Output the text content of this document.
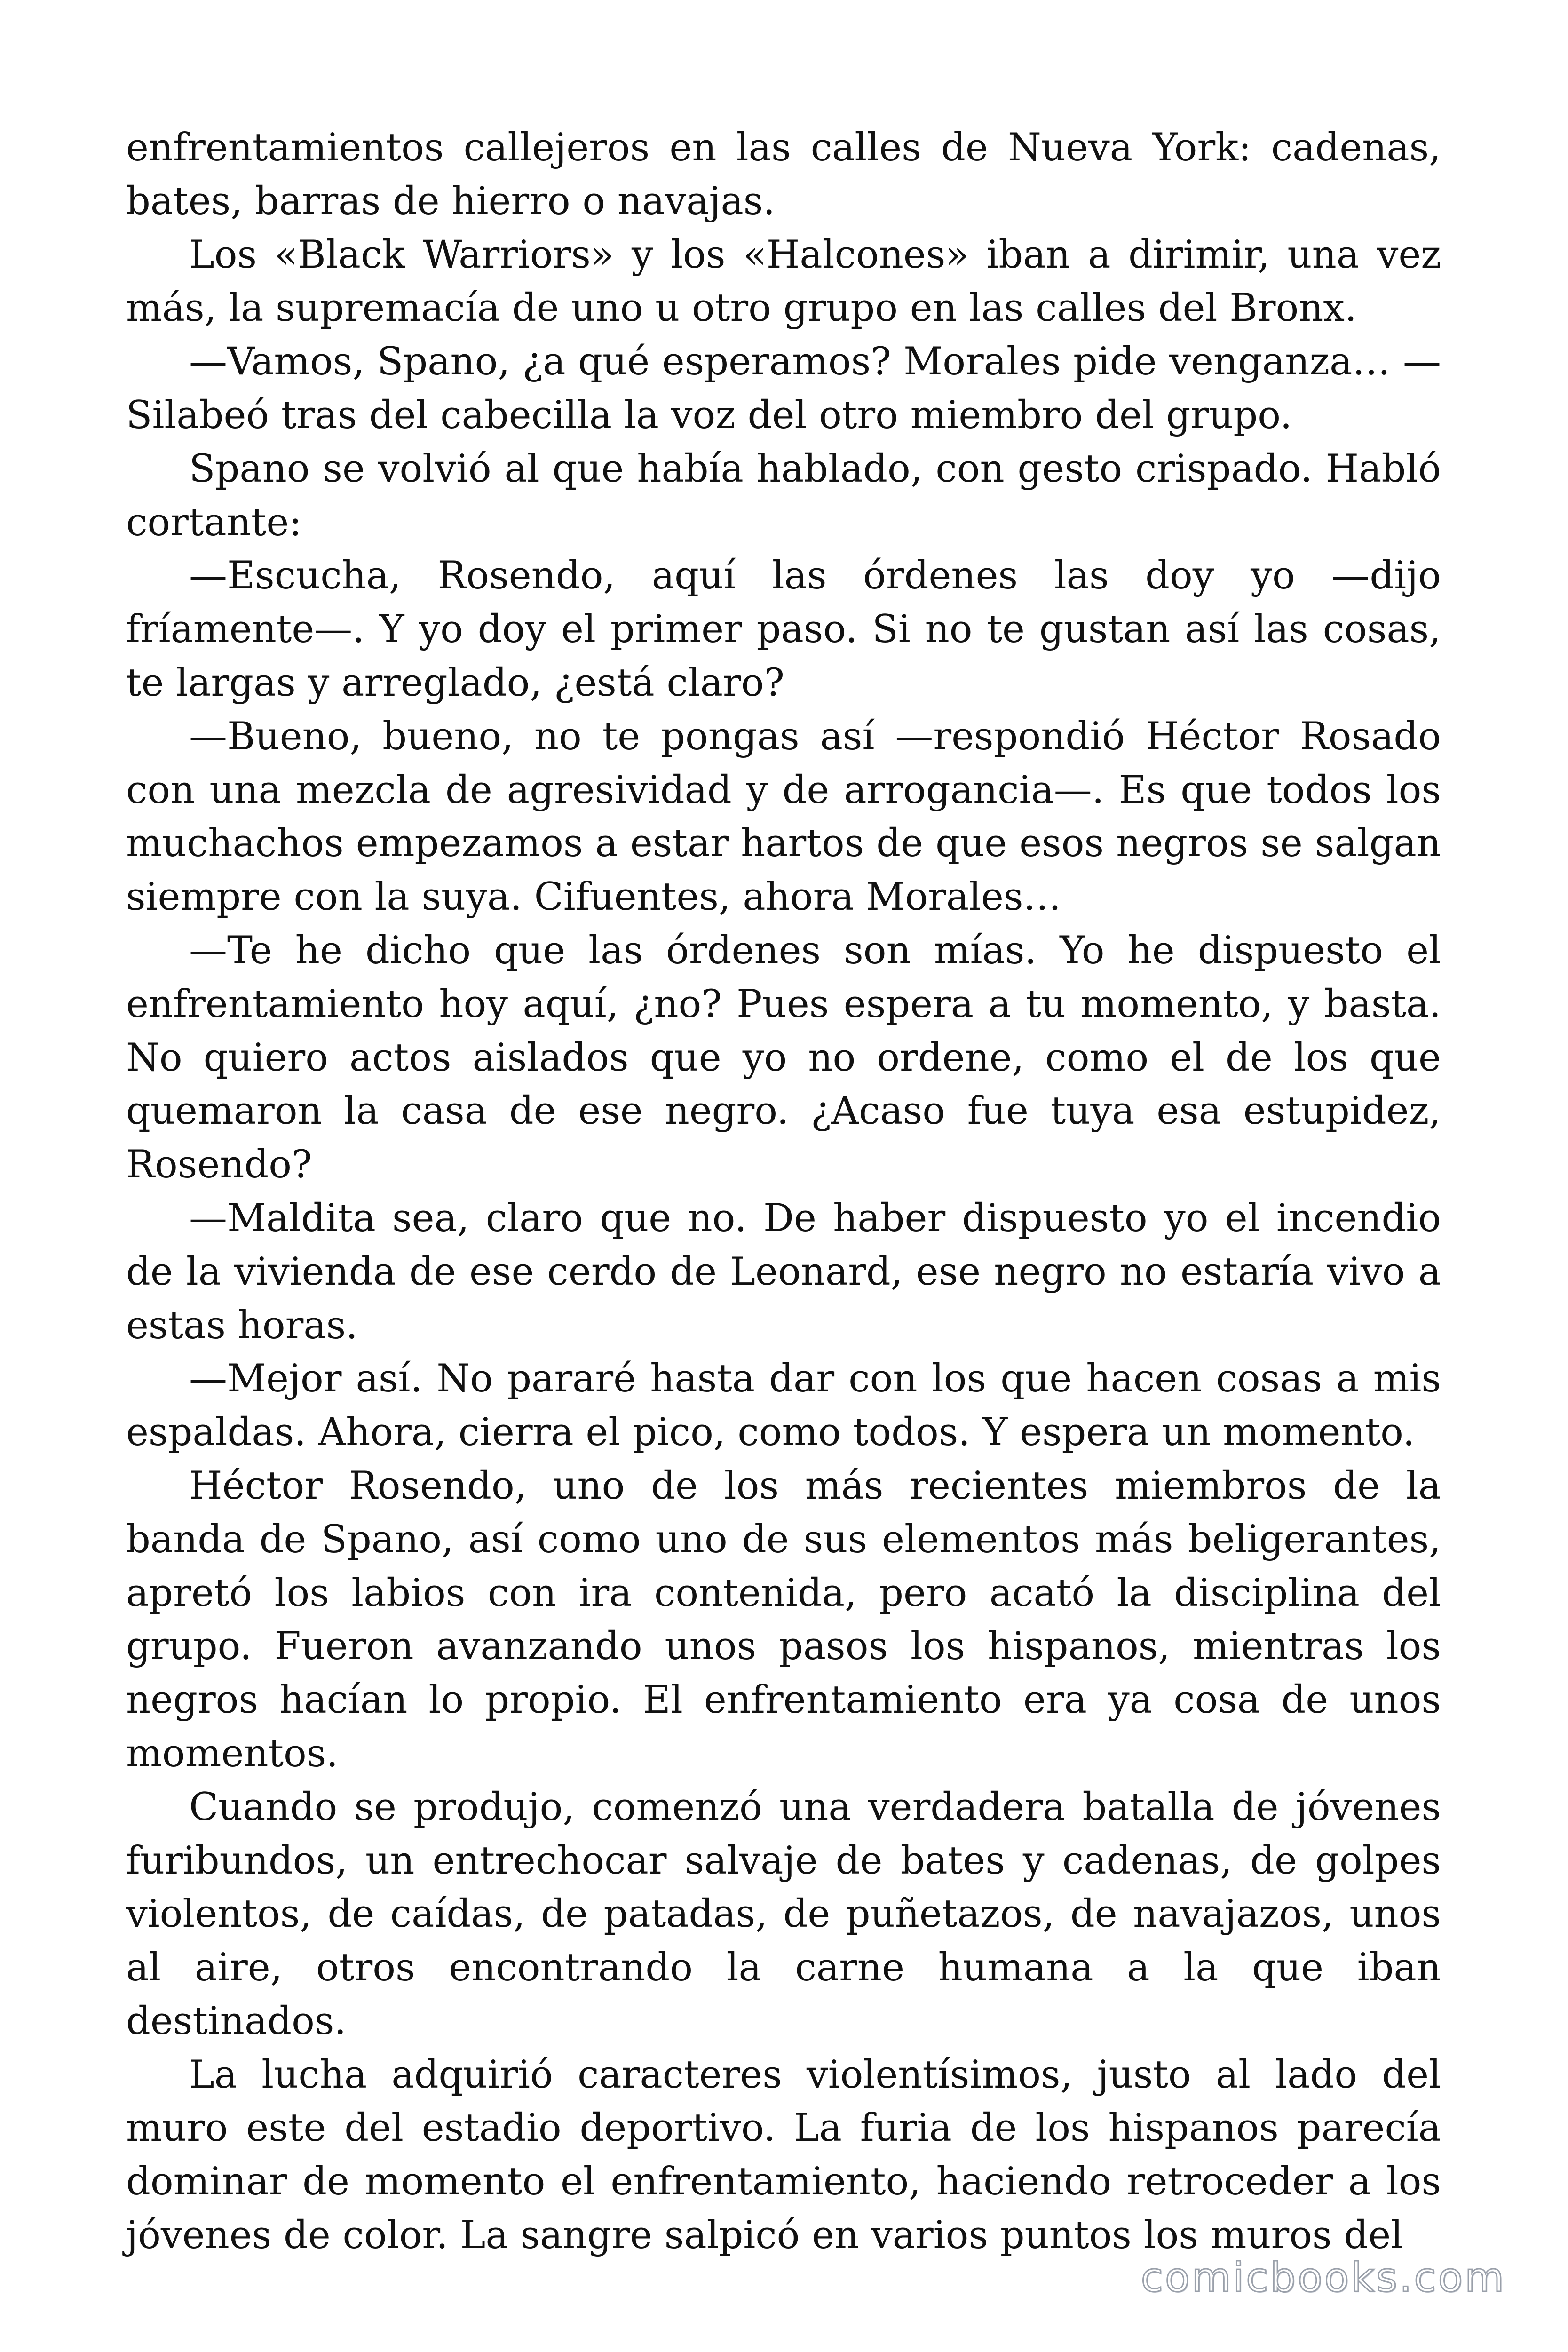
enfrentamientos callejeros en las calles de Nueva York: cadenas, bates, barras de hierro o navajas.

Los «Black Warriors» y los «Halcones» iban a dirimir, una vez más, la supremacía de uno u otro grupo en las calles del Bronx.

—Vamos, Spano, ¿a qué esperamos? Morales pide venganza… —Silabeó tras del cabecilla la voz del otro miembro del grupo.

Spano se volvió al que había hablado, con gesto crispado. Habló cortante:

—Escucha, Rosendo, aquí las órdenes las doy yo —dijo fríamente—. Y yo doy el primer paso. Si no te gustan así las cosas, te largas y arreglado, ¿está claro?

—Bueno, bueno, no te pongas así —respondió Héctor Rosado con una mezcla de agresividad y de arrogancia—. Es que todos los muchachos empezamos a estar hartos de que esos negros se salgan siempre con la suya. Cifuentes, ahora Morales…

—Te he dicho que las órdenes son mías. Yo he dispuesto el enfrentamiento hoy aquí, ¿no? Pues espera a tu momento, y basta. No quiero actos aislados que yo no ordene, como el de los que quemaron la casa de ese negro. ¿Acaso fue tuya esa estupidez, Rosendo?

—Maldita sea, claro que no. De haber dispuesto yo el incendio de la vivienda de ese cerdo de Leonard, ese negro no estaría vivo a estas horas.

—Mejor así. No pararé hasta dar con los que hacen cosas a mis espaldas. Ahora, cierra el pico, como todos. Y espera un momento.

Héctor Rosendo, uno de los más recientes miembros de la banda de Spano, así como uno de sus elementos más beligerantes, apretó los labios con ira contenida, pero acató la disciplina del grupo. Fueron avanzando unos pasos los hispanos, mientras los negros hacían lo propio. El enfrentamiento era ya cosa de unos momentos.

Cuando se produjo, comenzó una verdadera batalla de jóvenes furibundos, un entrechocar salvaje de bates y cadenas, de golpes violentos, de caídas, de patadas, de puñetazos, de navajazos, unos al aire, otros encontrando la carne humana a la que iban destinados.

La lucha adquirió caracteres violentísimos, justo al lado del muro este del estadio deportivo. La furia de los hispanos parecía dominar de momento el enfrentamiento, haciendo retroceder a los jóvenes de color. La sangre salpicó en varios puntos los muros del

comicbooks.com
